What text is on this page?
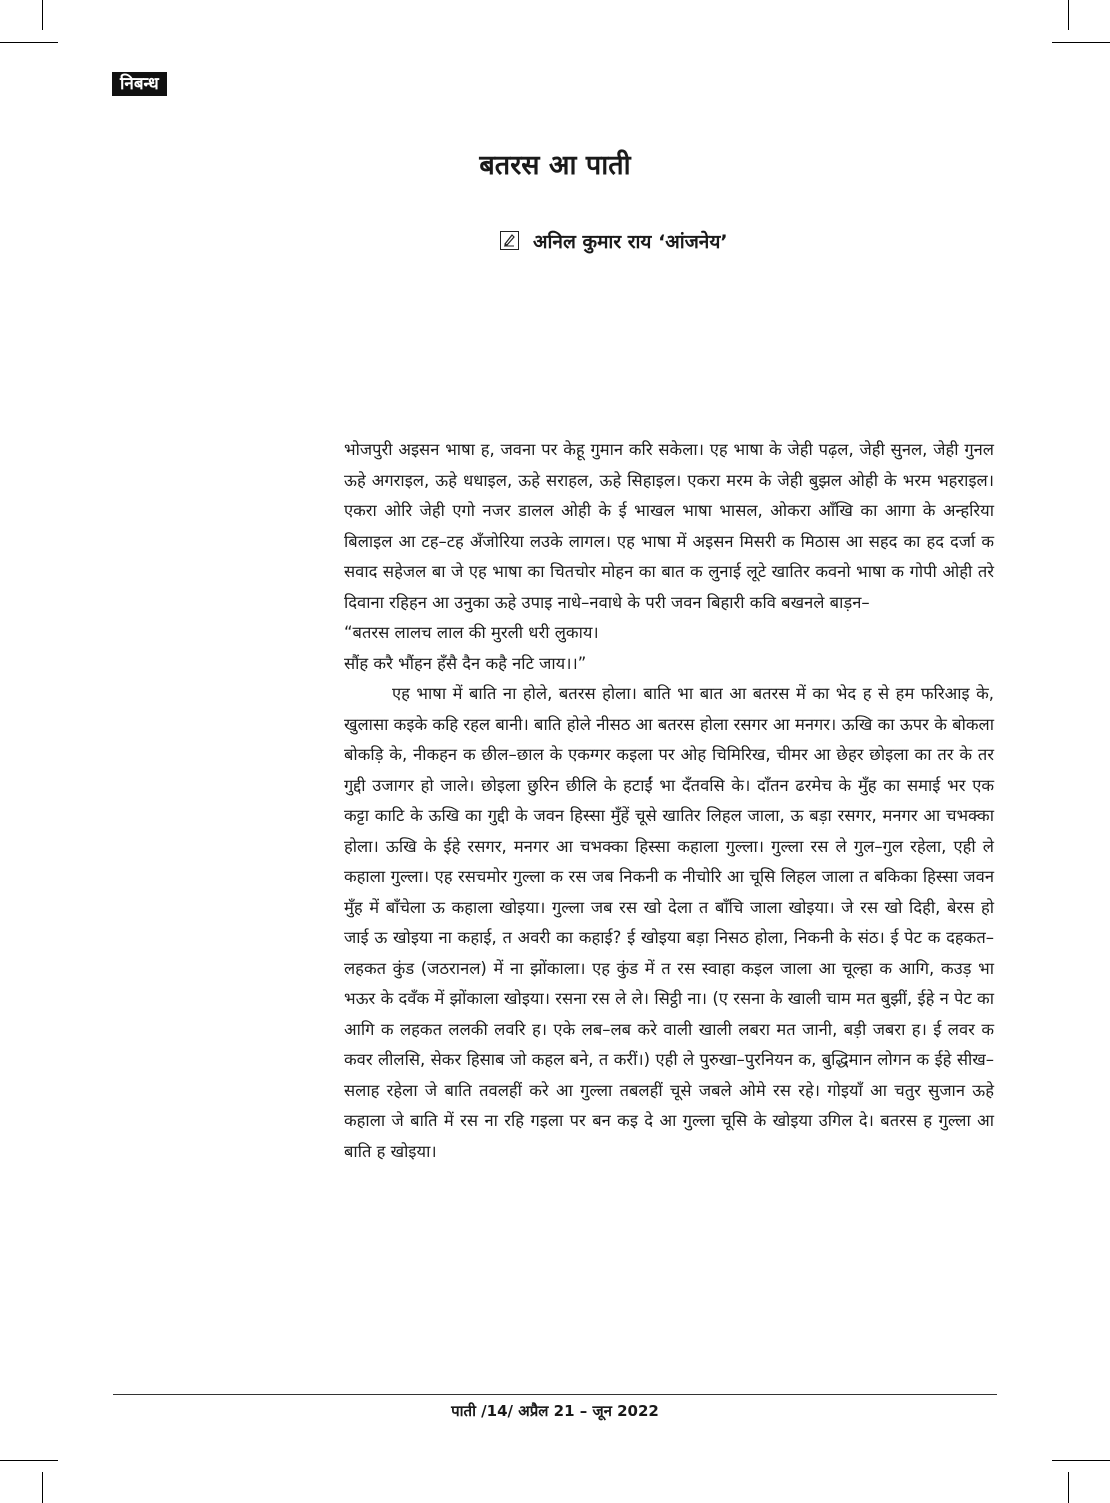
निबन्ध
बतरस आ पाती
अनिल कुमार राय ‘आंजनेय’

भोजपुरी अइसन भाषा ह, जवना पर केहू गुमान करि सकेला। एह भाषा के जेही पढ़ल, जेही सुनल, जेही गुनल ऊहे अगराइल, ऊहे धधाइल, ऊहे सराहल, ऊहे सिहाइल। एकरा मरम के जेही बुझल ओही के भरम भहराइल। एकरा ओरि जेही एगो नजर डालल ओही के ई भाखल भाषा भासल, ओकरा आँखि का आगा के अन्हरिया बिलाइल आ टह–टह अँजोरिया लउके लागल। एह भाषा में अइसन मिसरी क मिठास आ सहद का हद दर्जा क सवाद सहेजल बा जे एह भाषा का चितचोर मोहन का बात क लुनाई लूटे खातिर कवनो भाषा क गोपी ओही तरे दिवाना रहिहन आ उनुका ऊहे उपाइ नाधे–नवाधे के परी जवन बिहारी कवि बखनले बाड़न–

“बतरस लालच लाल की मुरली धरी लुकाय।

सौंह करै भौंहन हँसै दैन कहै नटि जाय।।”

एह भाषा में बाति ना होले, बतरस होला। बाति भा बात आ बतरस में का भेद ह से हम फरिआइ के, खुलासा कइके कहि रहल बानी। बाति होले नीसठ आ बतरस होला रसगर आ मनगर। ऊखि का ऊपर के बोकला बोकड़ि के, नीकहन क छील–छाल के एकग्गर कइला पर ओह चिमिरिख, चीमर आ छेहर छोइला का तर के तर गुद्दी उजागर हो जाले। छोइला छुरिन छीलि के हटाईं भा दँतवसि के। दाँतन ढरमेच के मुँह का समाई भर एक कट्टा काटि के ऊखि का गुद्दी के जवन हिस्सा मुँहें चूसे खातिर लिहल जाला, ऊ बड़ा रसगर, मनगर आ चभक्का होला। ऊखि के ईहे रसगर, मनगर आ चभक्का हिस्सा कहाला गुल्ला। गुल्ला रस ले गुल–गुल रहेला, एही ले कहाला गुल्ला। एह रसचमोर गुल्ला क रस जब निकनी क नीचोरि आ चूसि लिहल जाला त बकिका हिस्सा जवन मुँह में बाँचेला ऊ कहाला खोइया। गुल्ला जब रस खो देला त बाँचि जाला खोइया। जे रस खो दिही, बेरस हो जाई ऊ खोइया ना कहाई, त अवरी का कहाई? ई खोइया बड़ा निसठ होला, निकनी के संठ। ई पेट क दहकत–लहकत कुंड (जठरानल) में ना झोंकाला। एह कुंड में त रस स्वाहा कइल जाला आ चूल्हा क आगि, कउड़ भा भऊर के दवँक में झोंकाला खोइया। रसना रस ले ले। सिट्ठी ना। (ए रसना के खाली चाम मत बुझीं, ईहे न पेट का आगि क लहकत ललकी लवरि ह। एके लब–लब करे वाली खाली लबरा मत जानी, बड़ी जबरा ह। ई लवर क कवर लीलसि, सेकर हिसाब जो कहल बने, त करीं।) एही ले पुरुखा–पुरनियन क, बुद्धिमान लोगन क ईहे सीख–सलाह रहेला जे बाति तवलहीं करे आ गुल्ला तबलहीं चूसे जबले ओमे रस रहे। गोइयाँ आ चतुर सुजान ऊहे कहाला जे बाति में रस ना रहि गइला पर बन कइ दे आ गुल्ला चूसि के खोइया उगिल दे। बतरस ह गुल्ला आ बाति ह खोइया।

पाती /14/ अप्रैल 21 – जून 2022
